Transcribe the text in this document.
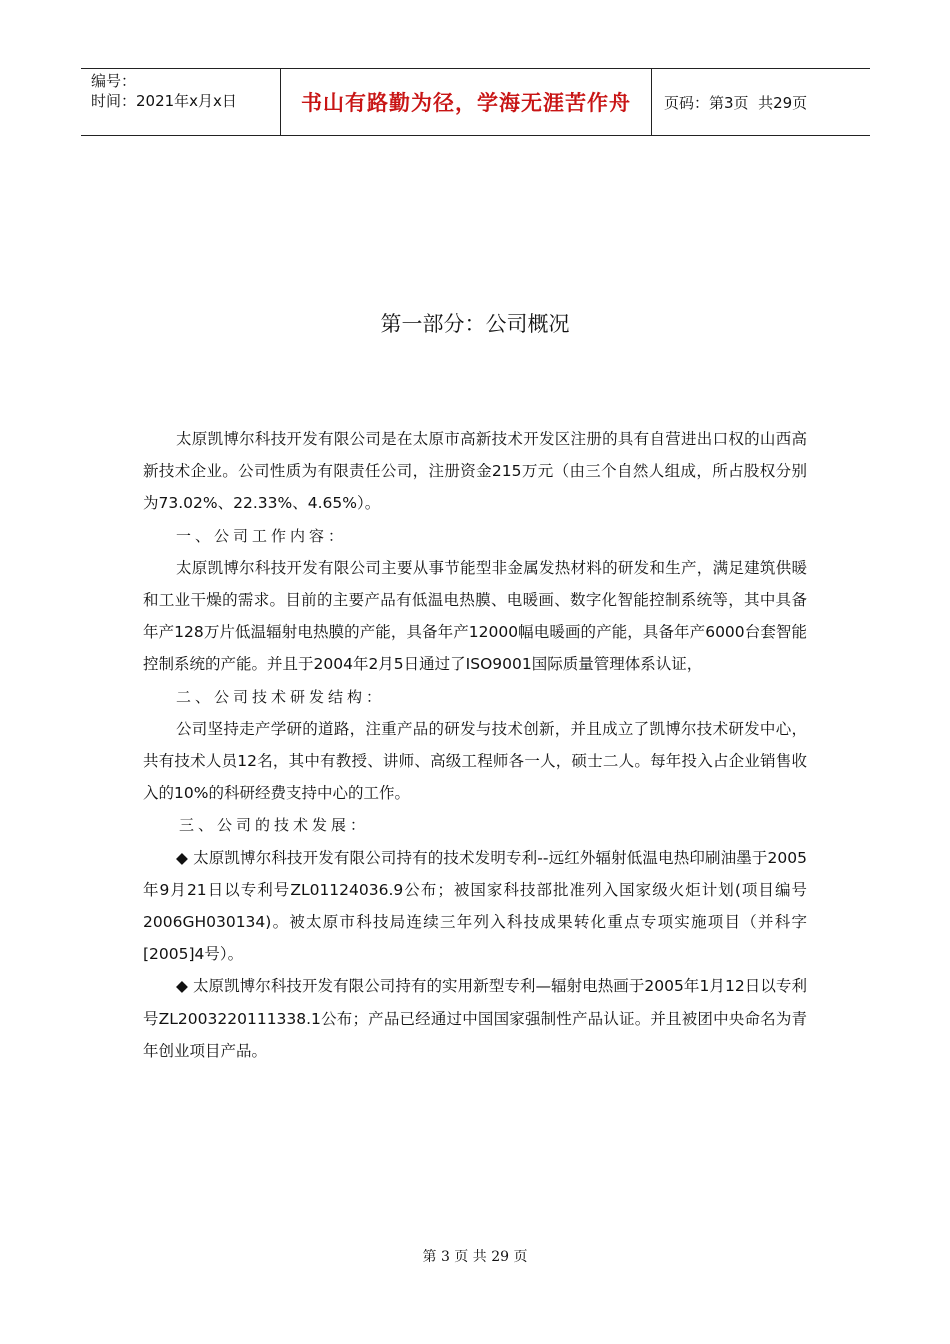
编号：
时间：2021年x月x日	书山有路勤为径，学海无涯苦作舟	页码：第3页  共29页
第一部分：公司概况

太原凯博尔科技开发有限公司是在太原市高新技术开发区注册的具有自营进出口权的山西高新技术企业。公司性质为有限责任公司，注册资金215万元（由三个自然人组成，所占股权分别为73.02%、22.33%、4.65%）。

一、公司工作内容：

太原凯博尔科技开发有限公司主要从事节能型非金属发热材料的研发和生产，满足建筑供暖和工业干燥的需求。目前的主要产品有低温电热膜、电暖画、数字化智能控制系统等，其中具备年产128万片低温辐射电热膜的产能，具备年产12000幅电暖画的产能，具备年产6000台套智能控制系统的产能。并且于2004年2月5日通过了ISO9001国际质量管理体系认证，

二、公司技术研发结构：

公司坚持走产学研的道路，注重产品的研发与技术创新，并且成立了凯博尔技术研发中心，共有技术人员12名，其中有教授、讲师、高级工程师各一人，硕士二人。每年投入占企业销售收入的10%的科研经费支持中心的工作。

三、公司的技术发展：

◆ 太原凯博尔科技开发有限公司持有的技术发明专利--远红外辐射低温电热印刷油墨于2005年9月21日以专利号ZL01124036.9公布；被国家科技部批准列入国家级火炬计划(项目编号2006GH030134)。被太原市科技局连续三年列入科技成果转化重点专项实施项目（并科字[2005]4号）。

◆ 太原凯博尔科技开发有限公司持有的实用新型专利—辐射电热画于2005年1月12日以专利号ZL2003220111338.1公布；产品已经通过中国国家强制性产品认证。并且被团中央命名为青年创业项目产品。

第 3 页 共 29 页
